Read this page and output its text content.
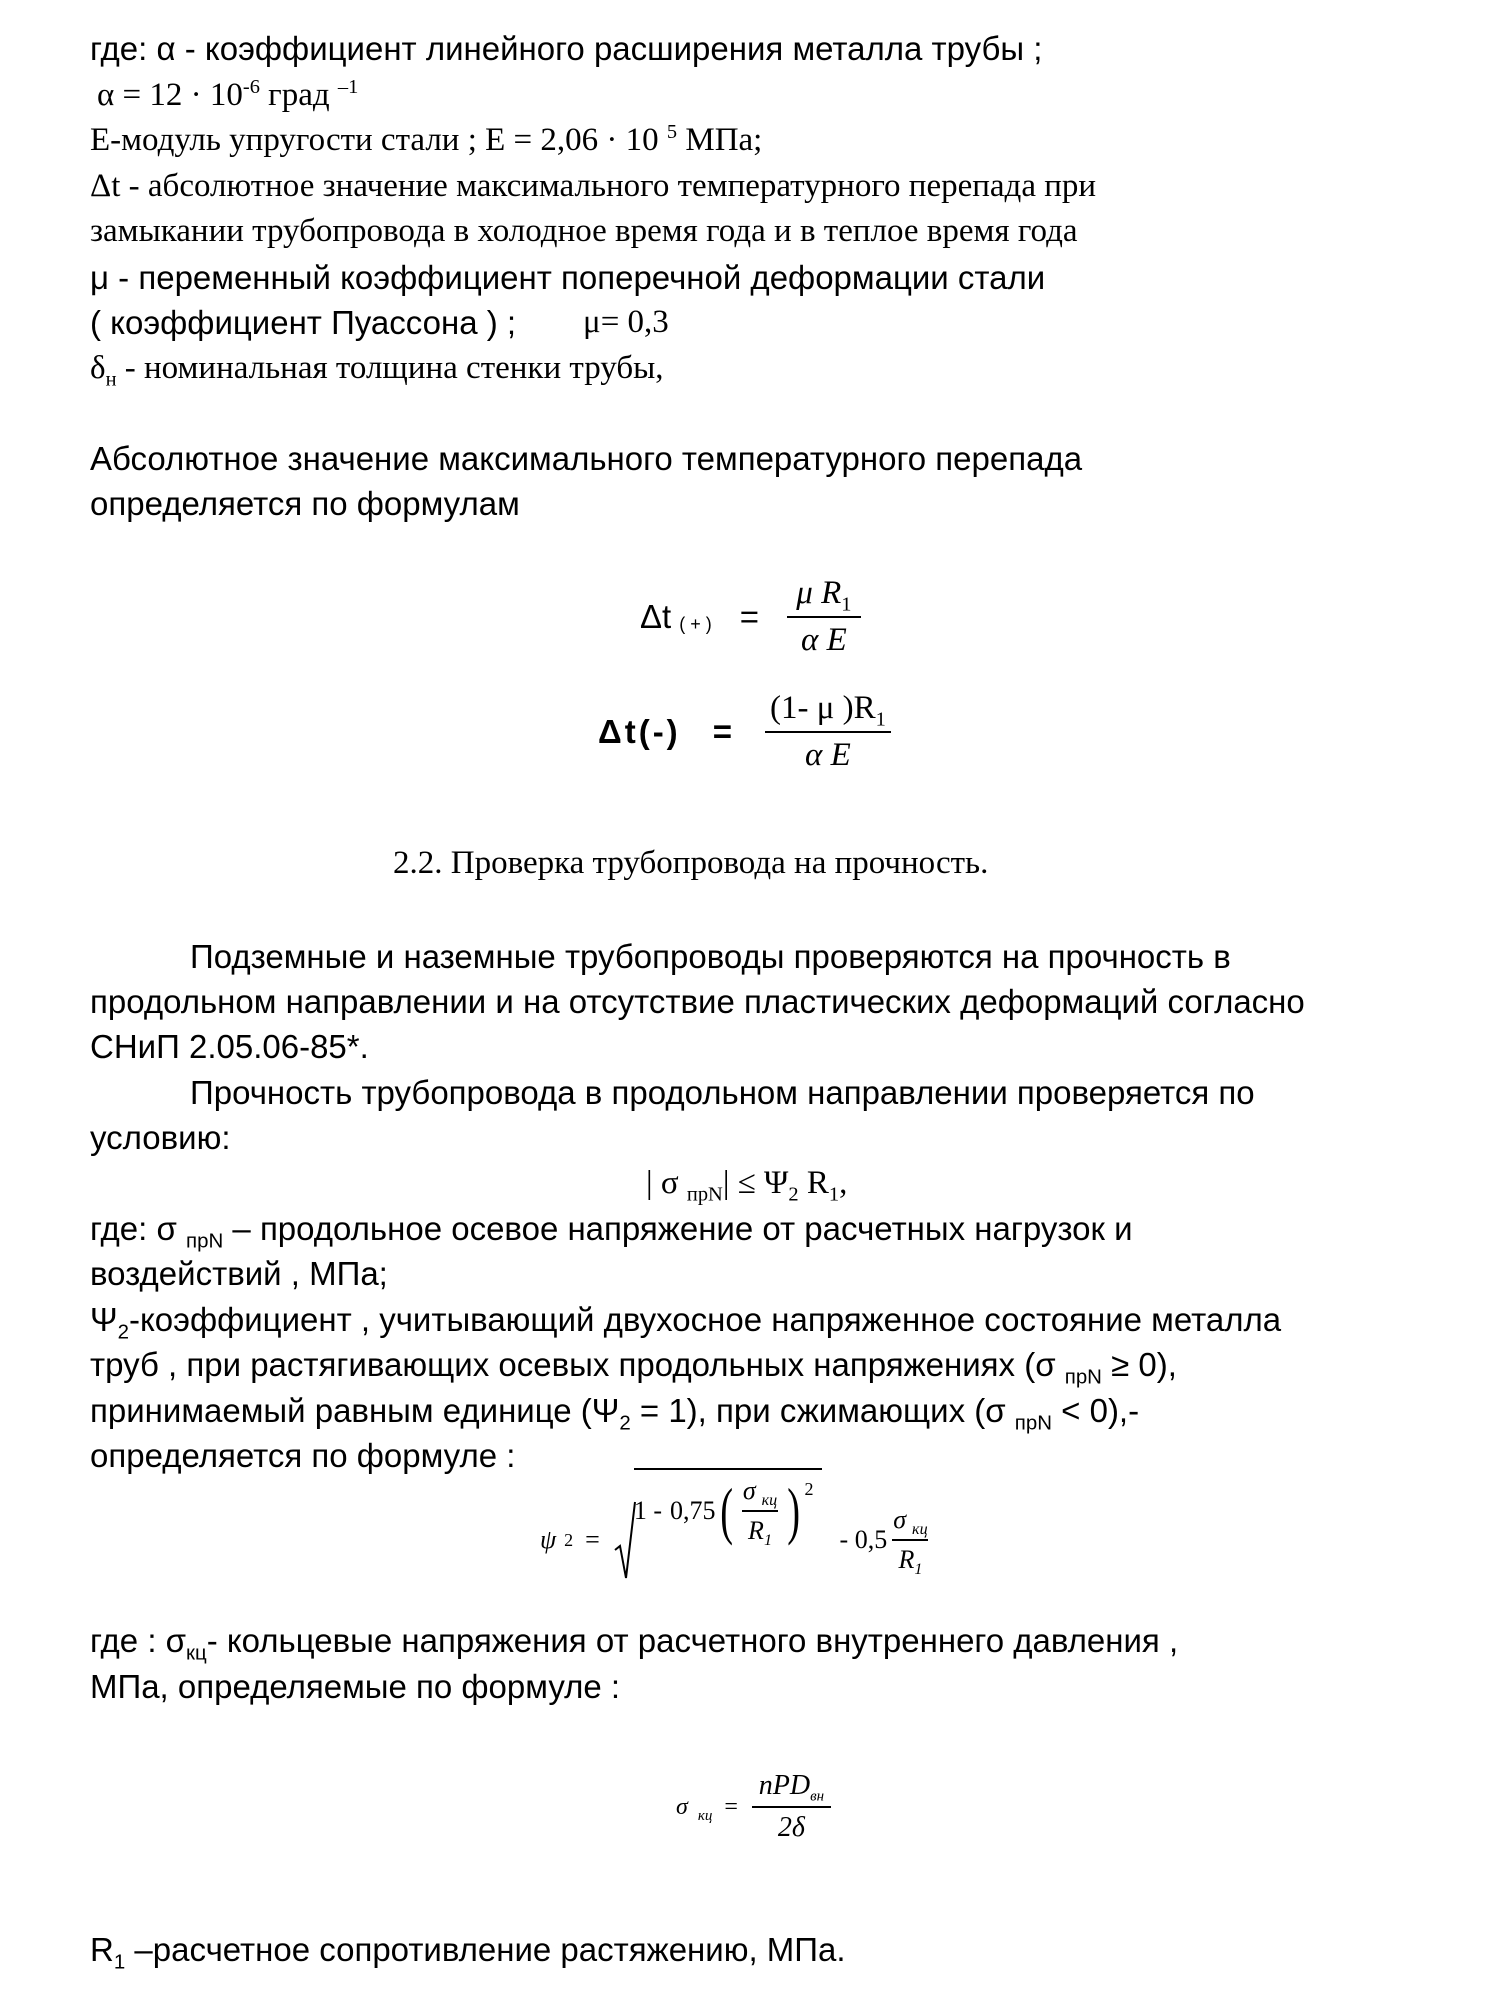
где: α - коэффициент линейного расширения металла трубы ;
$\alpha = 12 \cdot 10^{-6}$ град $^{-1}$
Е-модуль упругости стали ; Е = 2,06 · 10 $^5$ МПа;
Δt - абсолютное значение максимального температурного перепада при
замыкании трубопровода в холодное время года и в теплое время года
μ - переменный коэффициент поперечной деформации стали
( коэффициент Пуассона ) ; μ= 0,3
$\delta_н$ - номинальная толщина стенки трубы,
Абсолютное значение максимального температурного перепада
определяется по формулам
Δt ( + ) = $\frac{\mu R_1}{\text{α E}}$
$\Delta t(-) = \frac{(1- \mu )R_1}{\text{α E}}$
2.2. Проверка трубопровода на прочность.
Подземные и наземные трубопроводы проверяются на прочность в
продольном направлении и на отсутствие пластических деформаций согласно
СНиП 2.05.06-85*.
Прочность трубопровода в продольном направлении проверяется по
условию:
| σ $_{прN}| \le \Psi_2$ $R_1$,
где: σ $_{прN}$ – продольное осевое напряжение от расчетных нагрузок и
воздействий , МПа;
$\Psi_2$-коэффициент , учитывающий двухосное напряженное состояние металла
труб , при растягивающих осевых продольных напряжениях (σ $_{прN}$ ≥ 0),
принимаемый равным единице $(\Psi_2 = 1)$, при сжимающих (σ $_{прN}$ < 0),-
определяется по формуле :
ψ 2 =
1 - 0,75 ( $\frac{\sigma _{кц}}{R_1}$ ) 2
- $0,5 \frac{\sigma _{кц}}{R_1}$
где : $\sigma_{кц}-$ кольцевые напряжения от расчетного внутреннего давления ,
МПа, определяемые по формуле :
σ кц = $\frac{nPD_{вн}}{2\delta}$
$R_1$ –расчетное сопротивление растяжению, МПа.
